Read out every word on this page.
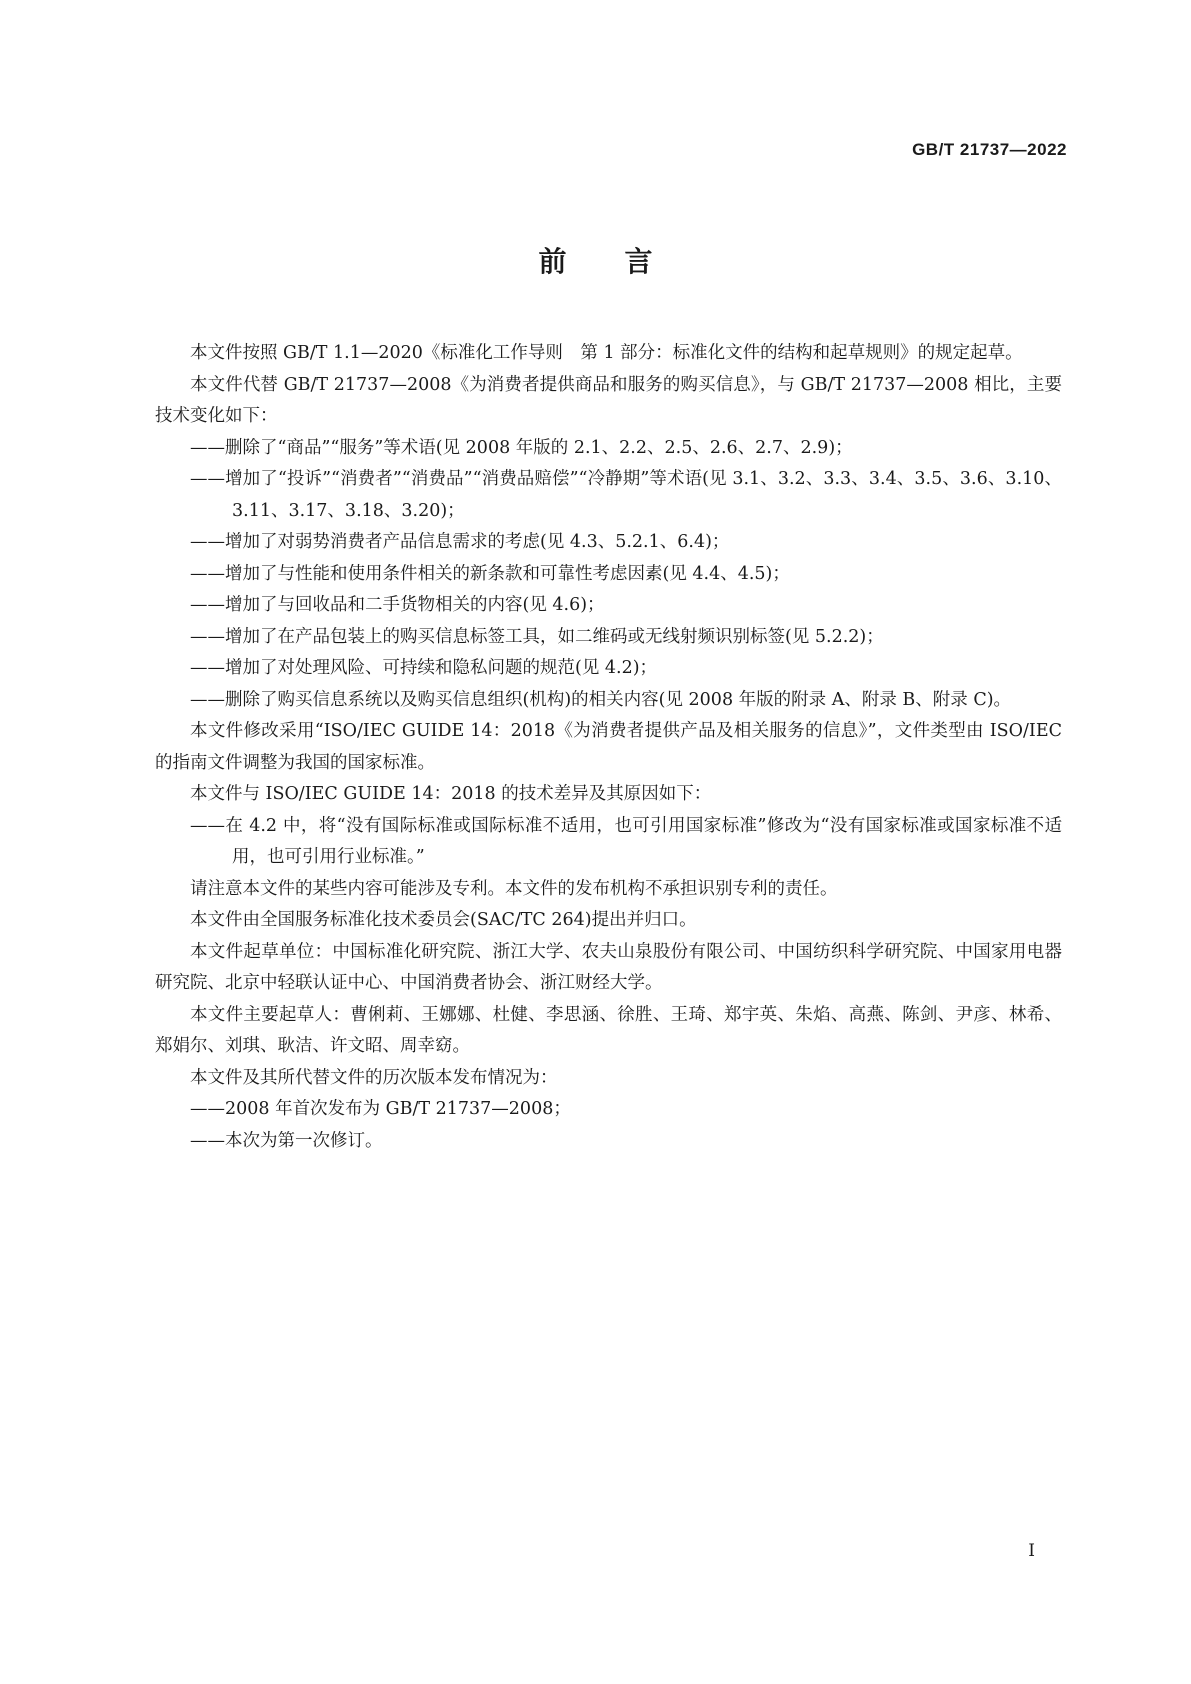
GB/T 21737—2022
前言

本文件按照 GB/T 1.1—2020《标准化工作导则　第 1 部分：标准化文件的结构和起草规则》的规定起草。

本文件代替 GB/T 21737—2008《为消费者提供商品和服务的购买信息》，与 GB/T 21737—2008 相比，主要技术变化如下：

——删除了“商品”“服务”等术语(见 2008 年版的 2.1、2.2、2.5、2.6、2.7、2.9)；

——增加了“投诉”“消费者”“消费品”“消费品赔偿”“冷静期”等术语(见 3.1、3.2、3.3、3.4、3.5、3.6、3.10、3.11、3.17、3.18、3.20)；

——增加了对弱势消费者产品信息需求的考虑(见 4.3、5.2.1、6.4)；

——增加了与性能和使用条件相关的新条款和可靠性考虑因素(见 4.4、4.5)；

——增加了与回收品和二手货物相关的内容(见 4.6)；

——增加了在产品包装上的购买信息标签工具，如二维码或无线射频识别标签(见 5.2.2)；

——增加了对处理风险、可持续和隐私问题的规范(见 4.2)；

——删除了购买信息系统以及购买信息组织(机构)的相关内容(见 2008 年版的附录 A、附录 B、附录 C)。

本文件修改采用“ISO/IEC GUIDE 14：2018《为消费者提供产品及相关服务的信息》”，文件类型由 ISO/IEC 的指南文件调整为我国的国家标准。

本文件与 ISO/IEC GUIDE 14：2018 的技术差异及其原因如下：

——在 4.2 中，将“没有国际标准或国际标准不适用，也可引用国家标准”修改为“没有国家标准或国家标准不适用，也可引用行业标准。”

请注意本文件的某些内容可能涉及专利。本文件的发布机构不承担识别专利的责任。

本文件由全国服务标准化技术委员会(SAC/TC 264)提出并归口。

本文件起草单位：中国标准化研究院、浙江大学、农夫山泉股份有限公司、中国纺织科学研究院、中国家用电器研究院、北京中轻联认证中心、中国消费者协会、浙江财经大学。

本文件主要起草人：曹俐莉、王娜娜、杜健、李思涵、徐胜、王琦、郑宇英、朱焰、高燕、陈剑、尹彦、林希、郑娟尔、刘琪、耿洁、许文昭、周幸窈。

本文件及其所代替文件的历次版本发布情况为：

——2008 年首次发布为 GB/T 21737—2008；

——本次为第一次修订。

I
